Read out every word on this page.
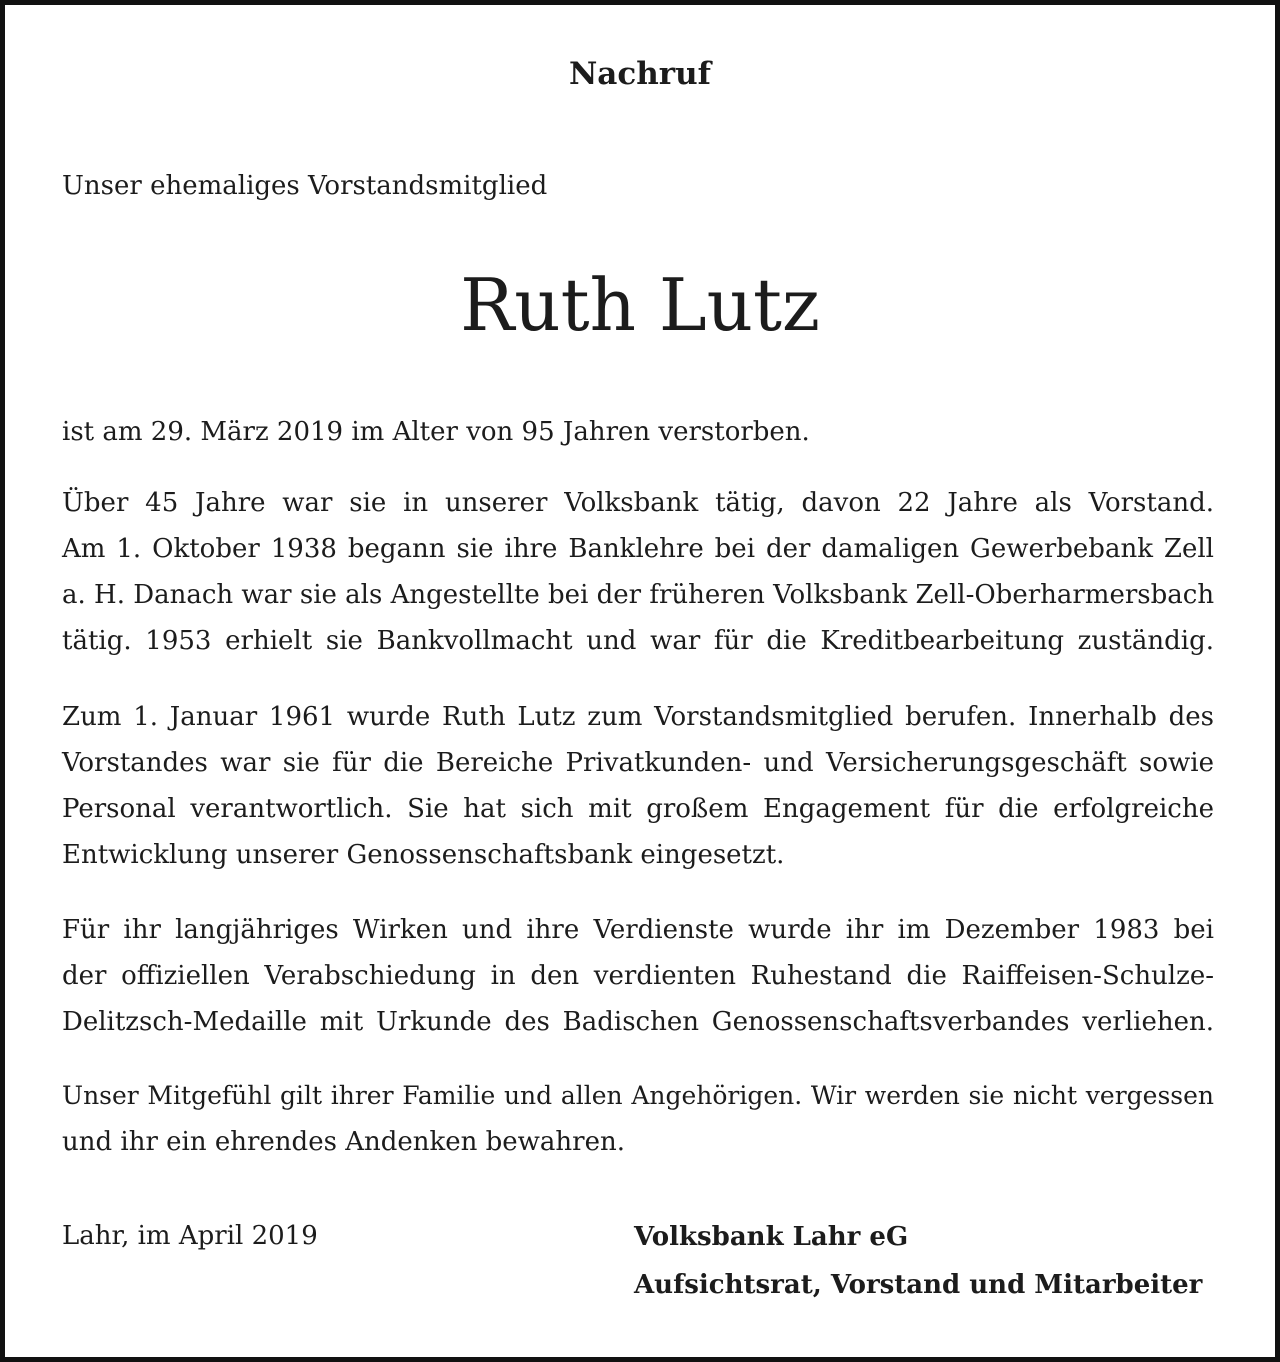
Nachruf
Unser ehemaliges Vorstandsmitglied
Ruth Lutz

ist am 29. März 2019 im Alter von 95 Jahren verstorben.

Über 45 Jahre war sie in unserer Volksbank tätig, davon 22 Jahre als Vorstand.
Am 1. Oktober 1938 begann sie ihre Banklehre bei der damaligen Gewerbebank Zell
a. H. Danach war sie als Angestellte bei der früheren Volksbank Zell-Oberharmersbach
tätig. 1953 erhielt sie Bankvollmacht und war für die Kreditbearbeitung zuständig.

Zum 1. Januar 1961 wurde Ruth Lutz zum Vorstandsmitglied berufen. Innerhalb des
Vorstandes war sie für die Bereiche Privatkunden- und Versicherungsgeschäft sowie
Personal verantwortlich. Sie hat sich mit großem Engagement für die erfolgreiche
Entwicklung unserer Genossenschaftsbank eingesetzt.

Für ihr langjähriges Wirken und ihre Verdienste wurde ihr im Dezember 1983 bei
der offiziellen Verabschiedung in den verdienten Ruhestand die Raiffeisen-Schulze-
Delitzsch-Medaille mit Urkunde des Badischen Genossenschaftsverbandes verliehen.

Unser Mitgefühl gilt ihrer Familie und allen Angehörigen. Wir werden sie nicht vergessen
und ihr ein ehrendes Andenken bewahren.

Lahr, im April 2019	Volksbank Lahr eG
Aufsichtsrat, Vorstand und Mitarbeiter
